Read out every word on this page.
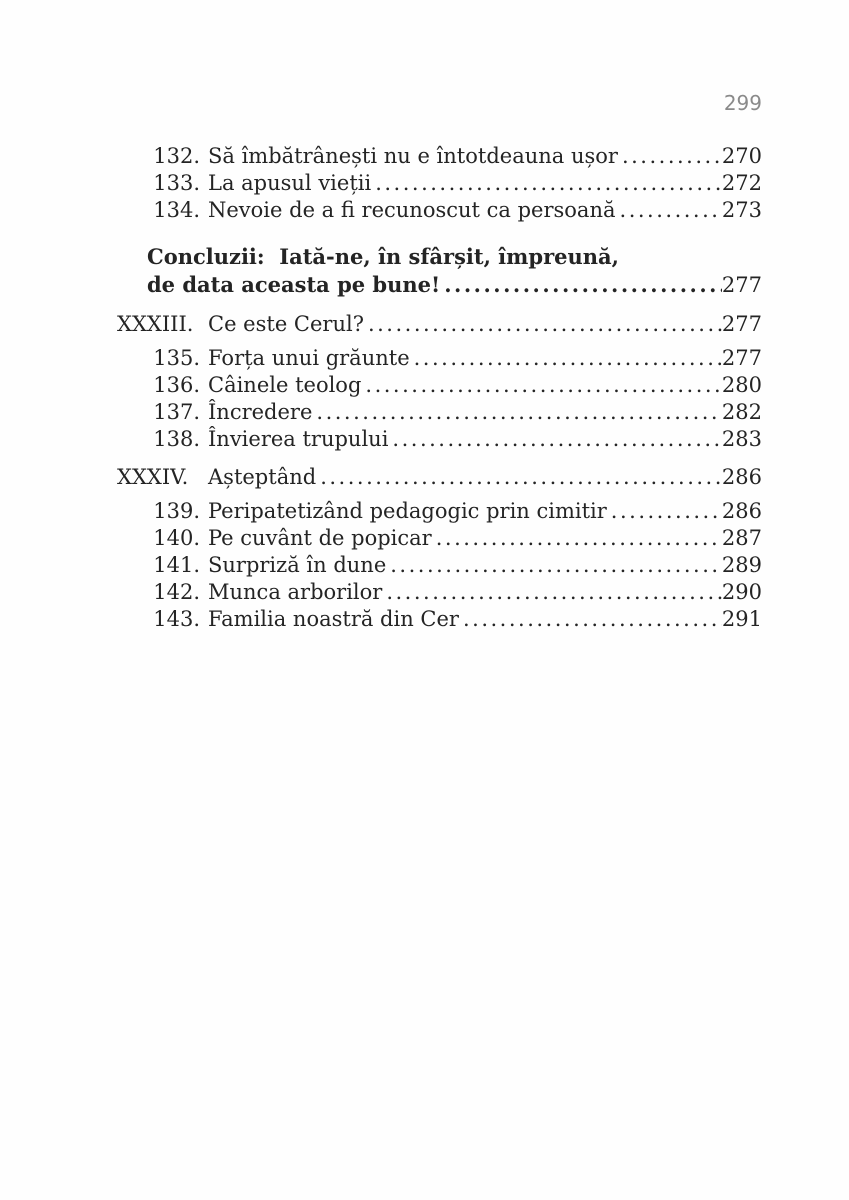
299
132. Să îmbătrânești nu e întotdeauna ușor .....	270
133. La apusul vieții .....	272
134. Nevoie de a fi recunoscut ca persoană .....	273
Concluzii:  Iată-ne, în sfârșit, împreună,
de data aceasta pe bune! .....	277
XXXIII. Ce este Cerul? .....	277
135. Forța unui grăunte .....	277
136. Câinele teolog .....	280
137. Încredere .....	282
138. Învierea trupului .....	283
XXXIV. Așteptând .....	286
139. Peripatetizând pedagogic prin cimitir .....	286
140. Pe cuvânt de popicar .....	287
141. Surpriză în dune .....	289
142. Munca arborilor .....	290
143. Familia noastră din Cer .....	291
